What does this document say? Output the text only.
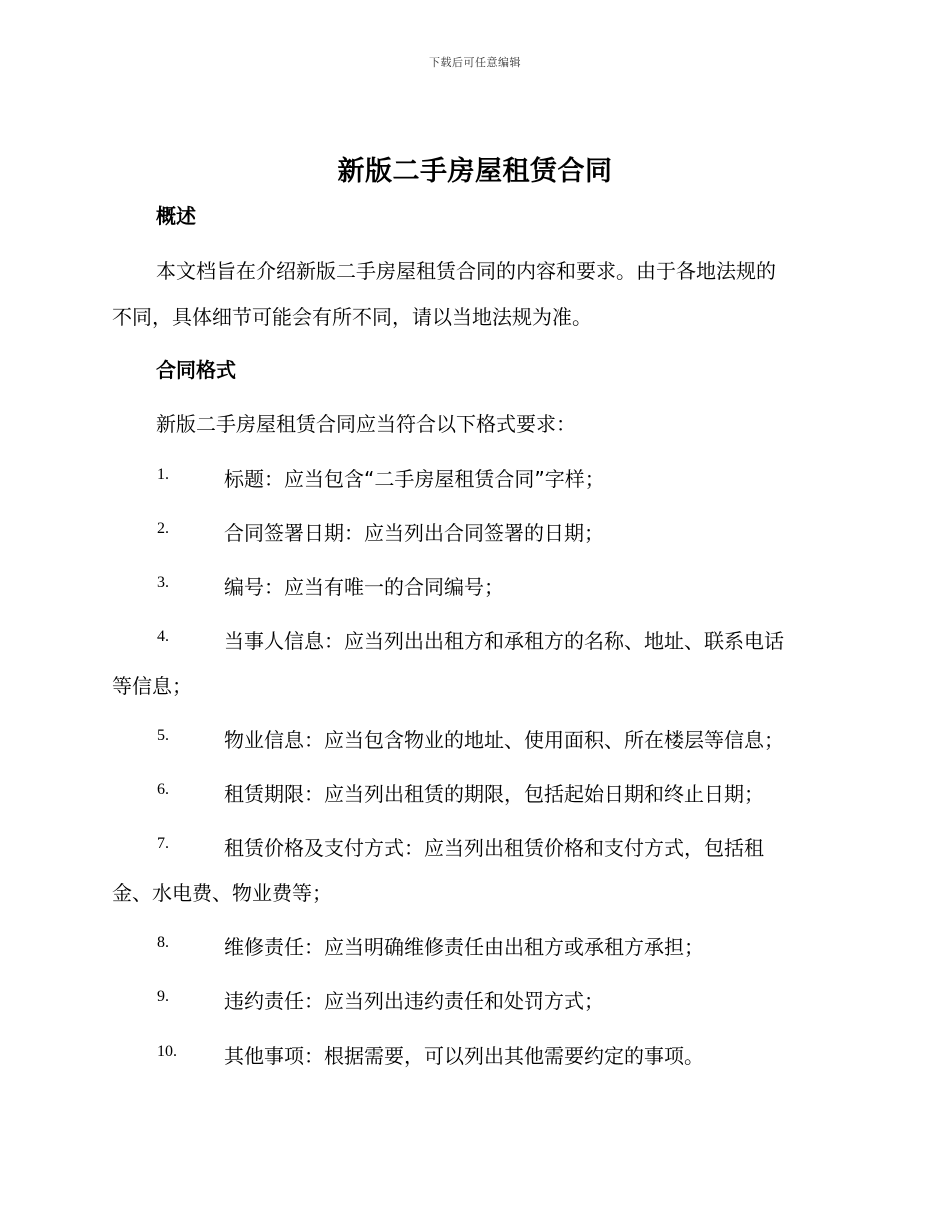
下载后可任意编辑
新版二手房屋租赁合同
概述
本文档旨在介绍新版二手房屋租赁合同的内容和要求。由于各地法规的
不同，具体细节可能会有所不同，请以当地法规为准。
合同格式
新版二手房屋租赁合同应当符合以下格式要求：
1.	标题：应当包含“二手房屋租赁合同”字样；
2.	合同签署日期：应当列出合同签署的日期；
3.	编号：应当有唯一的合同编号；
4.	当事人信息：应当列出出租方和承租方的名称、地址、联系电话
等信息；
5.	物业信息：应当包含物业的地址、使用面积、所在楼层等信息；
6.	租赁期限：应当列出租赁的期限，包括起始日期和终止日期；
7.	租赁价格及支付方式：应当列出租赁价格和支付方式，包括租
金、水电费、物业费等；
8.	维修责任：应当明确维修责任由出租方或承租方承担；
9.	违约责任：应当列出违约责任和处罚方式；
10. 其他事项：根据需要，可以列出其他需要约定的事项。
